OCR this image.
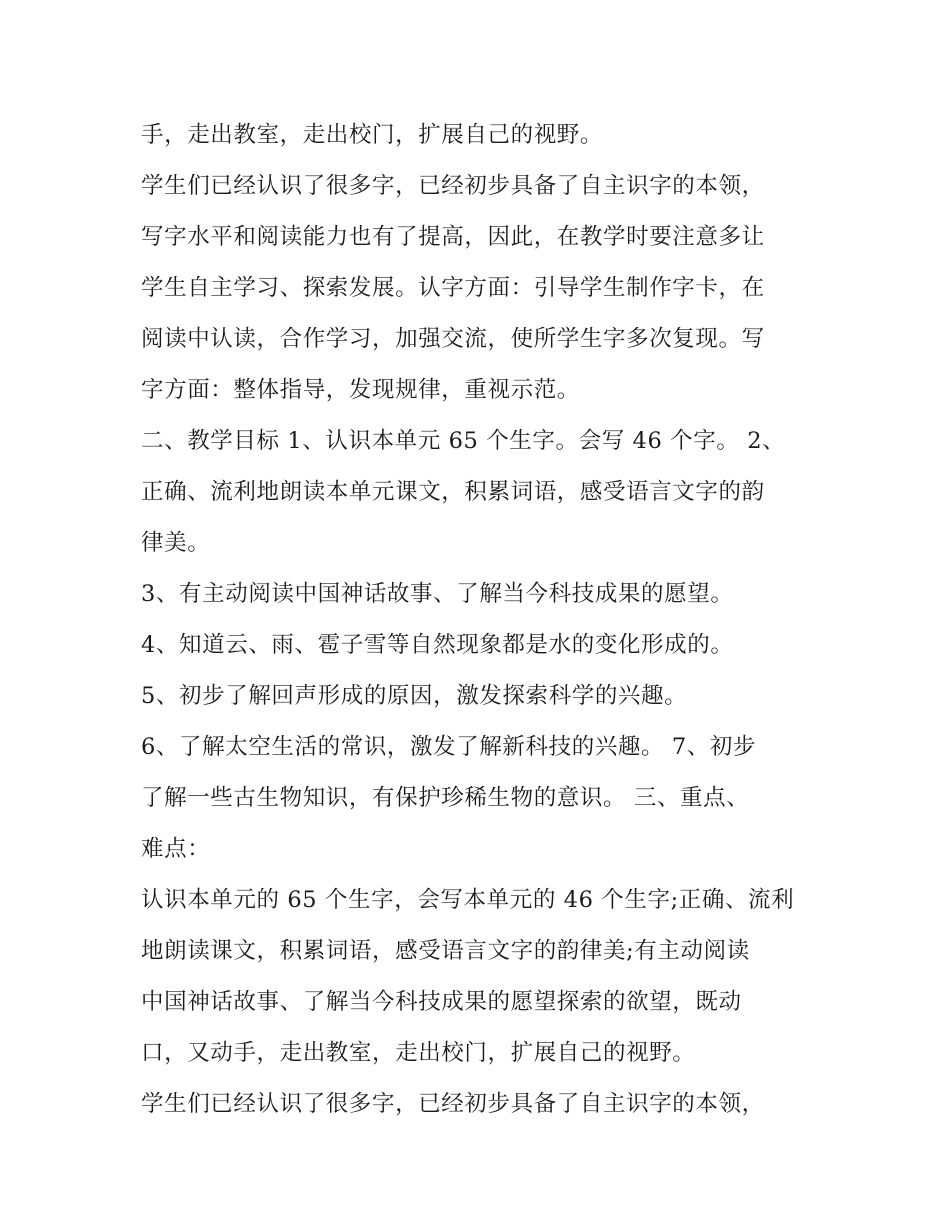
手，走出教室，走出校门，扩展自己的视野。
学生们已经认识了很多字，已经初步具备了自主识字的本领，
写字水平和阅读能力也有了提高，因此，在教学时要注意多让
学生自主学习、探索发展。认字方面：引导学生制作字卡，在
阅读中认读，合作学习，加强交流，使所学生字多次复现。写
字方面：整体指导，发现规律，重视示范。
二、教学目标 1、认识本单元 65 个生字。会写 46 个字。 2、
正确、流利地朗读本单元课文，积累词语，感受语言文字的韵
律美。
3、有主动阅读中国神话故事、了解当今科技成果的愿望。
4、知道云、雨、雹子雪等自然现象都是水的变化形成的。
5、初步了解回声形成的原因，激发探索科学的兴趣。
6、了解太空生活的常识，激发了解新科技的兴趣。 7、初步
了解一些古生物知识，有保护珍稀生物的意识。 三、重点、
难点：
认识本单元的 65 个生字，会写本单元的 46 个生字;正确、流利
地朗读课文，积累词语，感受语言文字的韵律美;有主动阅读
中国神话故事、了解当今科技成果的愿望探索的欲望，既动
口，又动手，走出教室，走出校门，扩展自己的视野。
学生们已经认识了很多字，已经初步具备了自主识字的本领，
